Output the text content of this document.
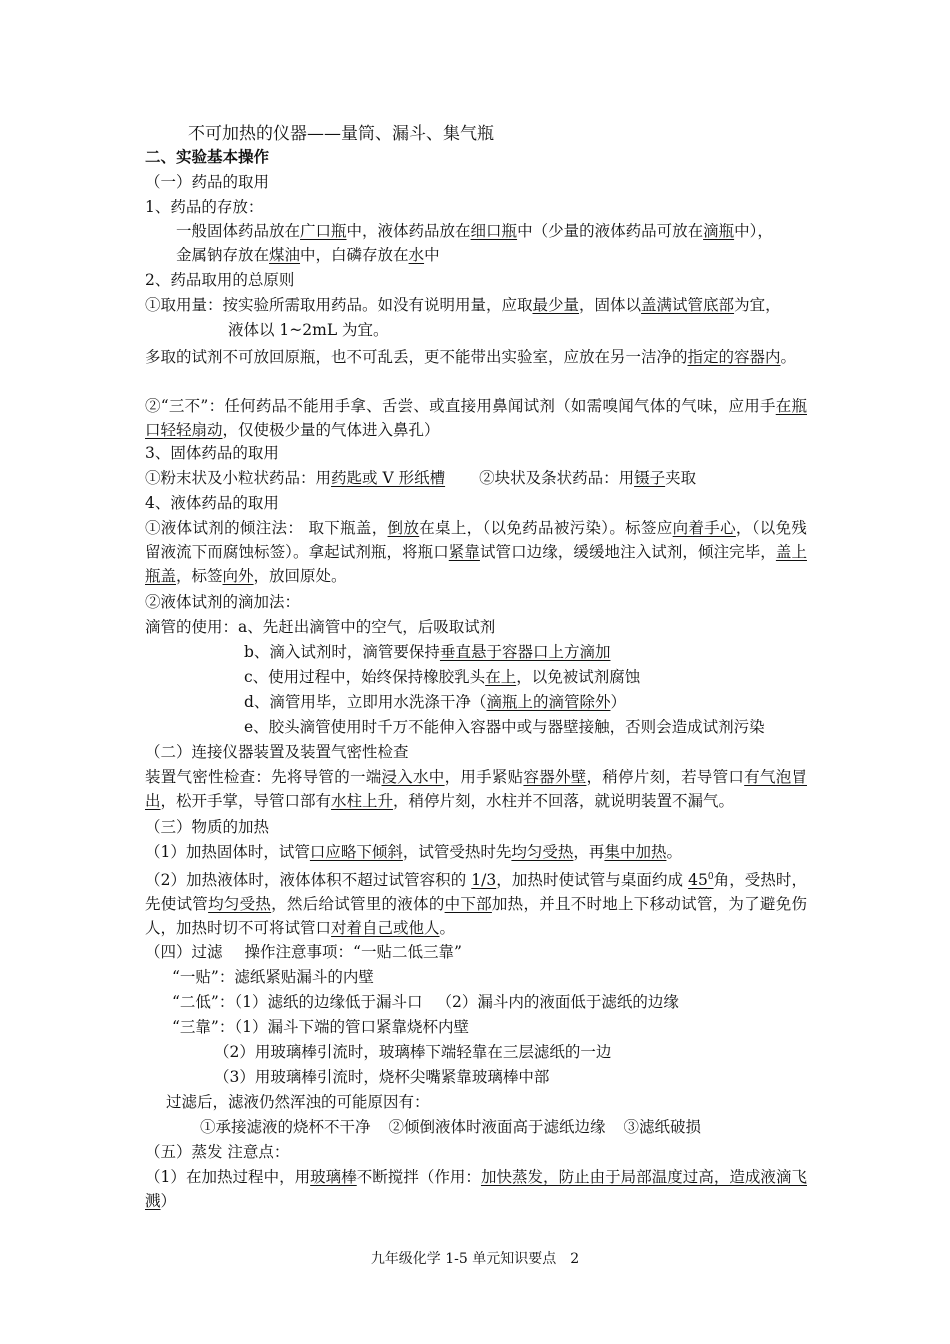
不可加热的仪器——量筒、漏斗、集气瓶
二、实验基本操作
（一）药品的取用
1、药品的存放：
一般固体药品放在广口瓶中，液体药品放在细口瓶中（少量的液体药品可放在滴瓶中），
金属钠存放在煤油中，白磷存放在水中
2、药品取用的总原则
①取用量：按实验所需取用药品。如没有说明用量，应取最少量，固体以盖满试管底部为宜，
液体以 1~2mL 为宜。
多取的试剂不可放回原瓶，也不可乱丢，更不能带出实验室，应放在另一洁净的指定的容器内。
②“三不”：任何药品不能用手拿、舌尝、或直接用鼻闻试剂（如需嗅闻气体的气味，应用手在瓶口轻轻扇动，仅使极少量的气体进入鼻孔）
3、固体药品的取用
①粉末状及小粒状药品：用药匙或 V 形纸槽 ②块状及条状药品：用镊子夹取
4、液体药品的取用
①液体试剂的倾注法： 取下瓶盖，倒放在桌上，（以免药品被污染）。标签应向着手心，（以免残留液流下而腐蚀标签）。拿起试剂瓶，将瓶口紧靠试管口边缘，缓缓地注入试剂，倾注完毕，盖上瓶盖，标签向外，放回原处。
②液体试剂的滴加法：
滴管的使用：a、先赶出滴管中的空气，后吸取试剂
b、滴入试剂时，滴管要保持垂直悬于容器口上方滴加
c、使用过程中，始终保持橡胶乳头在上，以免被试剂腐蚀
d、滴管用毕，立即用水洗涤干净（滴瓶上的滴管除外）
e、胶头滴管使用时千万不能伸入容器中或与器壁接触，否则会造成试剂污染
（二）连接仪器装置及装置气密性检查
装置气密性检查：先将导管的一端浸入水中，用手紧贴容器外壁，稍停片刻，若导管口有气泡冒出，松开手掌，导管口部有水柱上升，稍停片刻，水柱并不回落，就说明装置不漏气。
（三）物质的加热
（1）加热固体时，试管口应略下倾斜，试管受热时先均匀受热，再集中加热。
（2）加热液体时，液体体积不超过试管容积的 1/3，加热时使试管与桌面约成 $45^0$角，受热时，先使试管均匀受热，然后给试管里的液体的中下部加热，并且不时地上下移动试管，为了避免伤人，加热时切不可将试管口对着自己或他人。
（四）过滤 操作注意事项：“一贴二低三靠”
“一贴”：滤纸紧贴漏斗的内壁
“二低”：（1）滤纸的边缘低于漏斗口 （2）漏斗内的液面低于滤纸的边缘
“三靠”：（1）漏斗下端的管口紧靠烧杯内壁
（2）用玻璃棒引流时，玻璃棒下端轻靠在三层滤纸的一边
（3）用玻璃棒引流时，烧杯尖嘴紧靠玻璃棒中部
过滤后，滤液仍然浑浊的可能原因有：
①承接滤液的烧杯不干净 ②倾倒液体时液面高于滤纸边缘 ③滤纸破损
（五）蒸发 注意点：
（1）在加热过程中，用玻璃棒不断搅拌（作用：加快蒸发，防止由于局部温度过高，造成液滴飞溅）
九年级化学 1-5 单元知识要点　2
